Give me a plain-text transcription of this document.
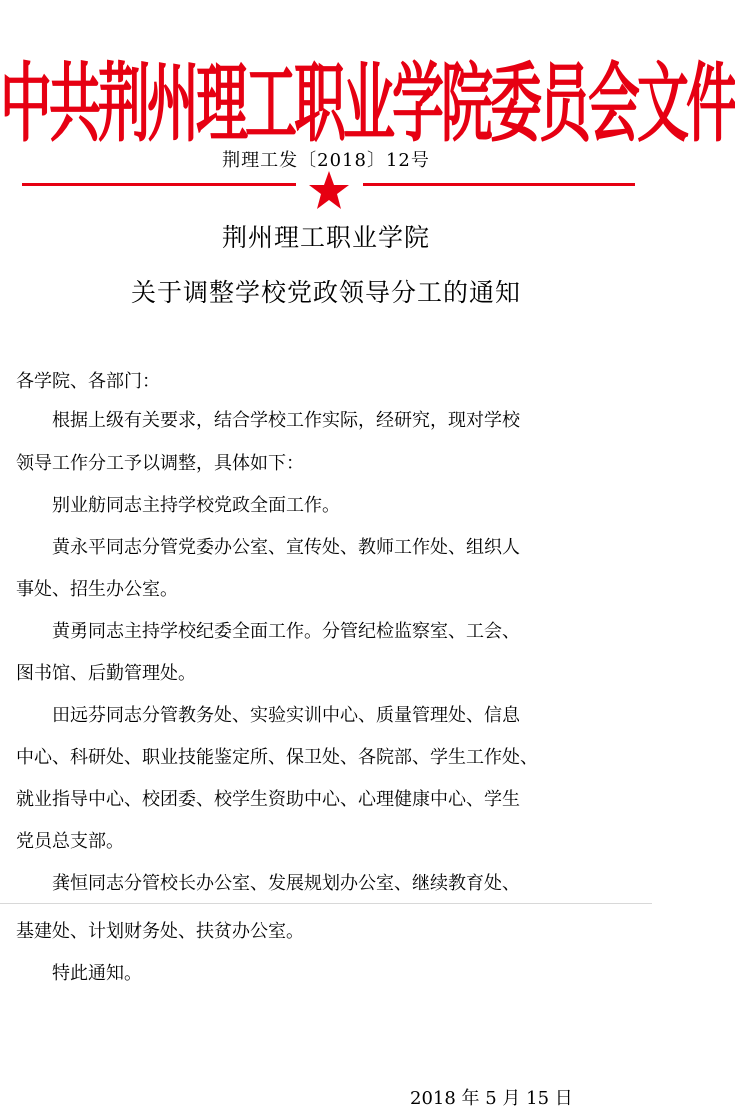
中共荆州理工职业学院委员会文件
荆理工发〔2018〕12号
荆州理工职业学院
关于调整学校党政领导分工的通知
各学院、各部门：
根据上级有关要求，结合学校工作实际，经研究，现对学校
领导工作分工予以调整，具体如下：
别业舫同志主持学校党政全面工作。
黄永平同志分管党委办公室、宣传处、教师工作处、组织人
事处、招生办公室。
黄勇同志主持学校纪委全面工作。分管纪检监察室、工会、
图书馆、后勤管理处。
田远芬同志分管教务处、实验实训中心、质量管理处、信息
中心、科研处、职业技能鉴定所、保卫处、各院部、学生工作处、
就业指导中心、校团委、校学生资助中心、心理健康中心、学生
党员总支部。
龚恒同志分管校长办公室、发展规划办公室、继续教育处、
基建处、计划财务处、扶贫办公室。
特此通知。
2018 年 5 月 15 日
